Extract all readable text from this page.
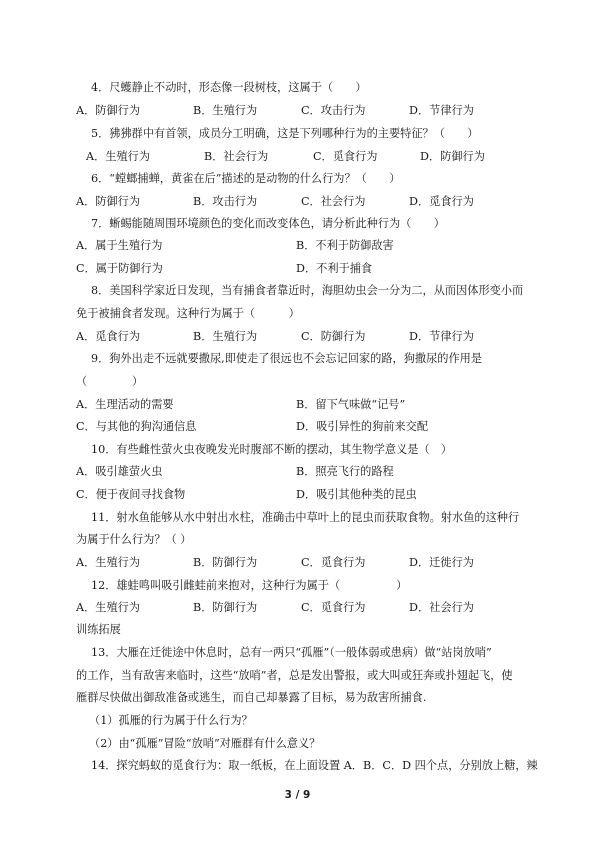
4．尺蠖静止不动时，形态像一段树枝，这属于（　　）
A．防御行为	B．生殖行为	C．攻击行为	D．节律行为
5．狒狒群中有首领，成员分工明确，这是下列哪种行为的主要特征？（　　）
A．生殖行为	B．社会行为	C．觅食行为	D．防御行为
6．“螳螂捕蝉，黄雀在后”描述的是动物的什么行为？（　　）
A．防御行为	B．攻击行为	C．社会行为	D．觅食行为
7．蜥蜴能随周围环境颜色的变化而改变体色，请分析此种行为（　　）
A．属于生殖行为	B．不利于防御敌害
C．属于防御行为	D．不利于捕食
8．美国科学家近日发现，当有捕食者靠近时，海胆幼虫会一分为二，从而因体形变小而
免于被捕食者发现。这种行为属于（　　　）
A．觅食行为	B．生殖行为	C．防御行为	D．节律行为
9．狗外出走不远就要撒尿,即使走了很远也不会忘记回家的路，狗撒尿的作用是
（　　　　）
A．生理活动的需要	B．留下气味做“记号”
C．与其他的狗沟通信息	D．吸引异性的狗前来交配
10．有些雌性萤火虫夜晚发光时腹部不断的摆动，其生物学意义是（　）
A．吸引雄萤火虫	B．照亮飞行的路程
C．便于夜间寻找食物	D．吸引其他种类的昆虫
11．射水鱼能够从水中射出水柱，准确击中草叶上的昆虫而获取食物。射水鱼的这种行
为属于什么行为？（ ）
A．生殖行为	B．防御行为	C．觅食行为	D．迁徙行为
12．雄蛙鸣叫吸引雌蛙前来抱对，这种行为属于（　　　　　）
A．生殖行为	B．防御行为	C．觅食行为	D．社会行为
训练拓展
13．大雁在迁徙途中休息时，总有一两只“孤雁”（一般体弱或患病）做“站岗放哨”
的工作，当有敌害来临时，这些“放哨”者，总是发出警报，或大叫或狂奔或扑翅起飞，使
雁群尽快做出御敌准备或逃生，而自己却暴露了目标，易为敌害所捕食.
（1）孤雁的行为属于什么行为？
（2）由“孤雁”冒险“放哨”对雁群有什么意义？
14．探究蚂蚁的觅食行为：取一纸板，在上面设置 A．B．C．D 四个点，分别放上糖，辣
3 / 9
